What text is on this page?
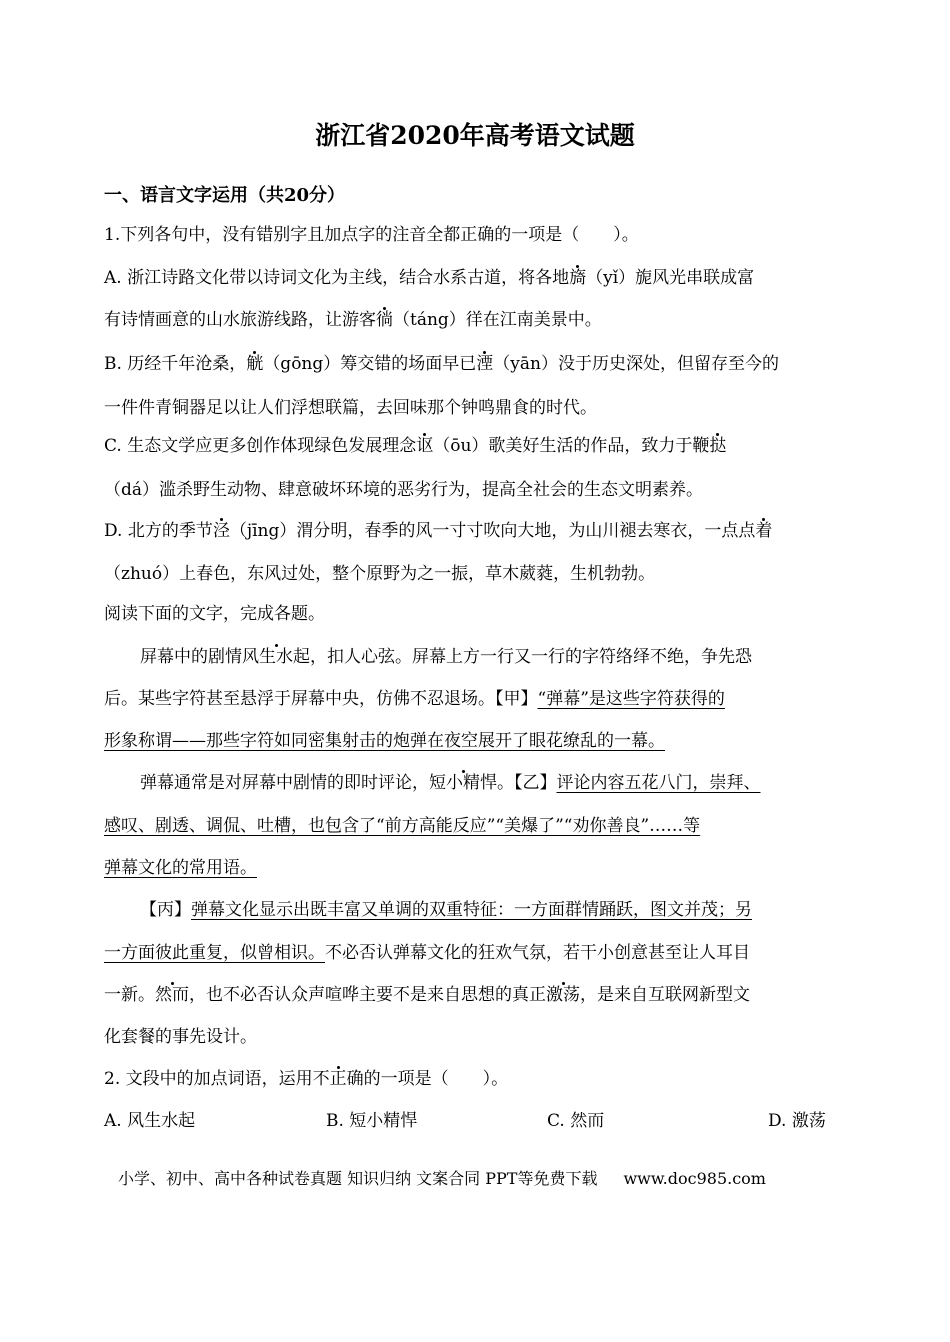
浙江省2020年高考语文试题
一、语言文字运用（共20分）
1.下列各句中，没有错别字且加点字的注音全都正确的一项是（　　）。
A. 浙江诗路文化带以诗词文化为主线，结合水系古道，将各地旖（yǐ）旎风光串联成富
有诗情画意的山水旅游线路，让游客徜（táng）徉在江南美景中。
B. 历经千年沧桑，觥（gōng）筹交错的场面早已湮（yān）没于历史深处，但留存至今的
一件件青铜器足以让人们浮想联篇，去回味那个钟鸣鼎食的时代。
C. 生态文学应更多创作体现绿色发展理念讴（ōu）歌美好生活的作品，致力于鞭挞
（dá）滥杀野生动物、肆意破坏环境的恶劣行为，提高全社会的生态文明素养。
D. 北方的季节泾（jīng）渭分明，春季的风一寸寸吹向大地，为山川褪去寒衣，一点点着
（zhuó）上春色，东风过处，整个原野为之一振，草木葳蕤，生机勃勃。
阅读下面的文字，完成各题。
屏幕中的剧情风生水起，扣人心弦。屏幕上方一行又一行的字符络绎不绝，争先恐
后。某些字符甚至悬浮于屏幕中央，仿佛不忍退场。【甲】“弹幕”是这些字符获得的
形象称谓——那些字符如同密集射击的炮弹在夜空展开了眼花缭乱的一幕。
弹幕通常是对屏幕中剧情的即时评论，短小精悍。【乙】评论内容五花八门，崇拜、
感叹、剧透、调侃、吐槽，也包含了“前方高能反应”“美爆了”“劝你善良”……等
弹幕文化的常用语。
【丙】弹幕文化显示出既丰富又单调的双重特征：一方面群情踊跃，图文并茂；另
一方面彼此重复，似曾相识。不必否认弹幕文化的狂欢气氛，若干小创意甚至让人耳目
一新。然而，也不必否认众声喧哗主要不是来自思想的真正激荡，是来自互联网新型文
化套餐的事先设计。
2. 文段中的加点词语，运用不正确的一项是（　　）。
A. 风生水起	B. 短小精悍	C. 然而	D. 激荡
小学、初中、高中各种试卷真题 知识归纳 文案合同 PPT等免费下载 www.doc985.com
